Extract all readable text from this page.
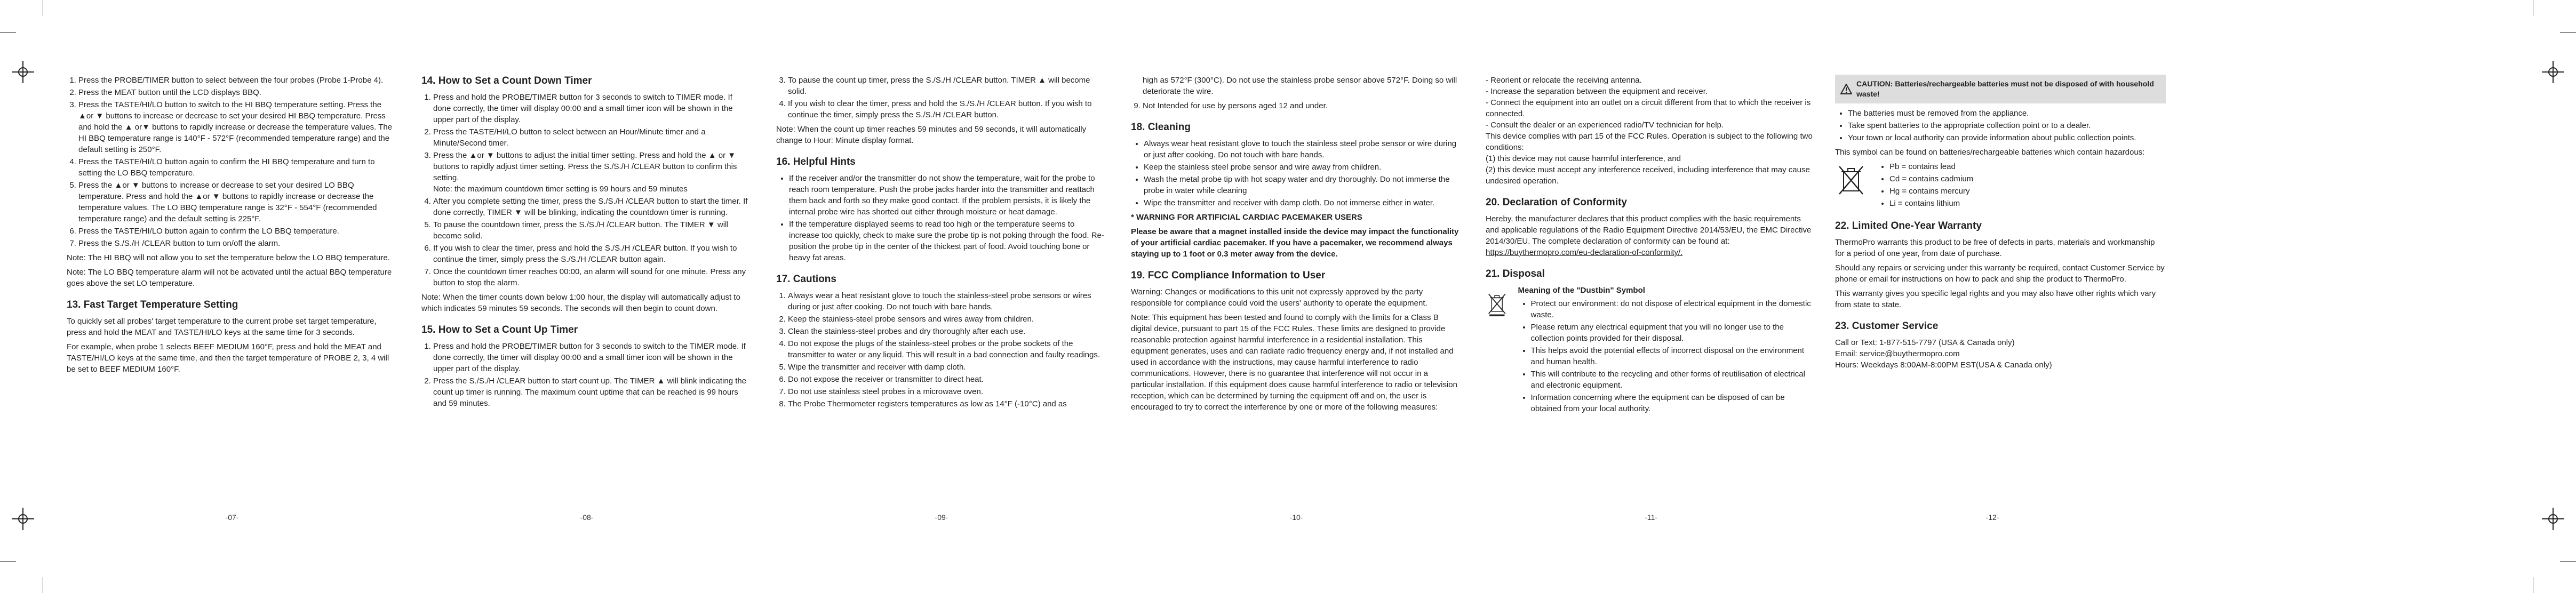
1. Press the PROBE/TIMER button to select between the four probes (Probe 1-Probe 4).
2. Press the MEAT button until the LCD displays BBQ.
3. Press the TASTE/HI/LO button to switch to the HI BBQ temperature setting. Press the ▲or ▼ buttons to increase or decrease to set your desired HI BBQ temperature. Press and hold the ▲ or▼ buttons to rapidly increase or decrease the temperature values. The HI BBQ temperature range is 140°F - 572°F (recommended temperature range) and the default setting is 250°F.
4. Press the TASTE/HI/LO button again to confirm the HI BBQ temperature and turn to setting the LO BBQ temperature.
5. Press the ▲or ▼ buttons to increase or decrease to set your desired LO BBQ temperature. Press and hold the ▲or ▼ buttons to rapidly increase or decrease the temperature values. The LO BBQ temperature range is 32°F - 554°F (recommended temperature range) and the default setting is 225°F.
6. Press the TASTE/HI/LO button again to confirm the LO BBQ temperature.
7. Press the S./S./H /CLEAR button to turn on/off the alarm.

Note: The HI BBQ will not allow you to set the temperature below the LO BBQ temperature.

Note: The LO BBQ temperature alarm will not be activated until the actual BBQ temperature goes above the set LO temperature.

13. Fast Target Temperature Setting

To quickly set all probes' target temperature to the current probe set target temperature, press and hold the MEAT and TASTE/HI/LO keys at the same time for 3 seconds.

For example, when probe 1 selects BEEF MEDIUM 160°F, press and hold the MEAT and TASTE/HI/LO keys at the same time, and then the target temperature of PROBE 2, 3, 4 will be set to BEEF MEDIUM 160°F.

-07-
14. How to Set a Count Down Timer
1. Press and hold the PROBE/TIMER button for 3 seconds to switch to TIMER mode. If done correctly, the timer will display 00:00 and a small timer icon will be shown in the upper part of the display.
2. Press the TASTE/HI/LO button to select between an Hour/Minute timer and a Minute/Second timer.
3. Press the ▲or ▼ buttons to adjust the initial timer setting. Press and hold the ▲ or ▼ buttons to rapidly adjust timer setting. Press the S./S./H /CLEAR button to confirm this setting.
Note: the maximum countdown timer setting is 99 hours and 59 minutes
4. After you complete setting the timer, press the S./S./H /CLEAR button to start the timer. If done correctly, TIMER ▼ will be blinking, indicating the countdown timer is running.
5. To pause the countdown timer, press the S./S./H /CLEAR button. The TIMER ▼ will become solid.
6. If you wish to clear the timer, press and hold the S./S./H /CLEAR button. If you wish to continue the timer, simply press the S./S./H /CLEAR button again.
7. Once the countdown timer reaches 00:00, an alarm will sound for one minute. Press any button to stop the alarm.

Note: When the timer counts down below 1:00 hour, the display will automatically adjust to which indicates 59 minutes 59 seconds. The seconds will then begin to count down.

15. How to Set a Count Up Timer
1. Press and hold the PROBE/TIMER button for 3 seconds to switch to the TIMER mode. If done correctly, the timer will display 00:00 and a small timer icon will be shown in the upper part of the display.
2. Press the S./S./H /CLEAR button to start count up. The TIMER ▲ will blink indicating the count up timer is running. The maximum count uptime that can be reached is 99 hours and 59 minutes.
-08-
3. To pause the count up timer, press the S./S./H /CLEAR button. TIMER ▲ will become solid.
4. If you wish to clear the timer, press and hold the S./S./H /CLEAR button. If you wish to continue the timer, simply press the S./S./H /CLEAR button.

Note: When the count up timer reaches 59 minutes and 59 seconds, it will automatically change to Hour: Minute display format.

16. Helpful Hints
• If the receiver and/or the transmitter do not show the temperature, wait for the probe to reach room temperature. Push the probe jacks harder into the transmitter and reattach them back and forth so they make good contact. If the problem persists, it is likely the internal probe wire has shorted out either through moisture or heat damage.
• If the temperature displayed seems to read too high or the temperature seems to increase too quickly, check to make sure the probe tip is not poking through the food. Re-position the probe tip in the center of the thickest part of food. Avoid touching bone or heavy fat areas.
17. Cautions
1. Always wear a heat resistant glove to touch the stainless-steel probe sensors or wires during or just after cooking. Do not touch with bare hands.
2. Keep the stainless-steel probe sensors and wires away from children.
3. Clean the stainless-steel probes and dry thoroughly after each use.
4. Do not expose the plugs of the stainless-steel probes or the probe sockets of the transmitter to water or any liquid. This will result in a bad connection and faulty readings.
5. Wipe the transmitter and receiver with damp cloth.
6. Do not expose the receiver or transmitter to direct heat.
7. Do not use stainless steel probes in a microwave oven.
8. The Probe Thermometer registers temperatures as low as 14°F (-10°C) and as
-09-

high as 572°F (300°C). Do not use the stainless probe sensor above 572°F. Doing so will deteriorate the wire.

9. Not Intended for use by persons aged 12 and under.
18. Cleaning
• Always wear heat resistant glove to touch the stainless steel probe sensor or wire during or just after cooking. Do not touch with bare hands.
• Keep the stainless steel probe sensor and wire away from children.
• Wash the metal probe tip with hot soapy water and dry thoroughly. Do not immerse the probe in water while cleaning
• Wipe the transmitter and receiver with damp cloth. Do not immerse either in water.

* WARNING FOR ARTIFICIAL CARDIAC PACEMAKER USERS

Please be aware that a magnet installed inside the device may impact the functionality of your artificial cardiac pacemaker. If you have a pacemaker, we recommend always staying up to 1 foot or 0.3 meter away from the device.

19. FCC Compliance Information to User

Warning: Changes or modifications to this unit not expressly approved by the party responsible for compliance could void the users' authority to operate the equipment.

Note: This equipment has been tested and found to comply with the limits for a Class B digital device, pursuant to part 15 of the FCC Rules. These limits are designed to provide reasonable protection against harmful interference in a residential installation. This equipment generates, uses and can radiate radio frequency energy and, if not installed and used in accordance with the instructions, may cause harmful interference to radio communications. However, there is no guarantee that interference will not occur in a particular installation. If this equipment does cause harmful interference to radio or television reception, which can be determined by turning the equipment off and on, the user is encouraged to try to correct the interference by one or more of the following measures:

-10-

- Reorient or relocate the receiving antenna.

- Increase the separation between the equipment and receiver.

- Connect the equipment into an outlet on a circuit different from that to which the receiver is connected.

- Consult the dealer or an experienced radio/TV technician for help.

This device complies with part 15 of the FCC Rules. Operation is subject to the following two conditions:

(1) this device may not cause harmful interference, and

(2) this device must accept any interference received, including interference that may cause undesired operation.

20. Declaration of Conformity

Hereby, the manufacturer declares that this product complies with the basic requirements and applicable regulations of the Radio Equipment Directive 2014/53/EU, the EMC Directive 2014/30/EU. The complete declaration of conformity can be found at:

https://buythermopro.com/eu-declaration-of-conformity/.

21. Disposal

Meaning of the "Dustbin" Symbol

• Protect our environment: do not dispose of electrical equipment in the domestic waste.
• Please return any electrical equipment that you will no longer use to the collection points provided for their disposal.
• This helps avoid the potential effects of incorrect disposal on the environment and human health.
• This will contribute to the recycling and other forms of reutilisation of electrical and electronic equipment.
• Information concerning where the equipment can be disposed of can be obtained from your local authority.
-11-
CAUTION: Batteries/rechargeable batteries must not be disposed of with household waste!
• The batteries must be removed from the appliance.
• Take spent batteries to the appropriate collection point or to a dealer.
• Your town or local authority can provide information about public collection points.

This symbol can be found on batteries/rechargeable batteries which contain hazardous:

• Pb = contains lead
• Cd = contains cadmium
• Hg = contains mercury
• Li = contains lithium
22. Limited One-Year Warranty

ThermoPro warrants this product to be free of defects in parts, materials and workmanship for a period of one year, from date of purchase.

Should any repairs or servicing under this warranty be required, contact Customer Service by phone or email for instructions on how to pack and ship the product to ThermoPro.

This warranty gives you specific legal rights and you may also have other rights which vary from state to state.

23. Customer Service

Call or Text: 1-877-515-7797 (USA & Canada only)

Email: service@buythermopro.com

Hours: Weekdays 8:00AM-8:00PM EST(USA & Canada only)

-12-
